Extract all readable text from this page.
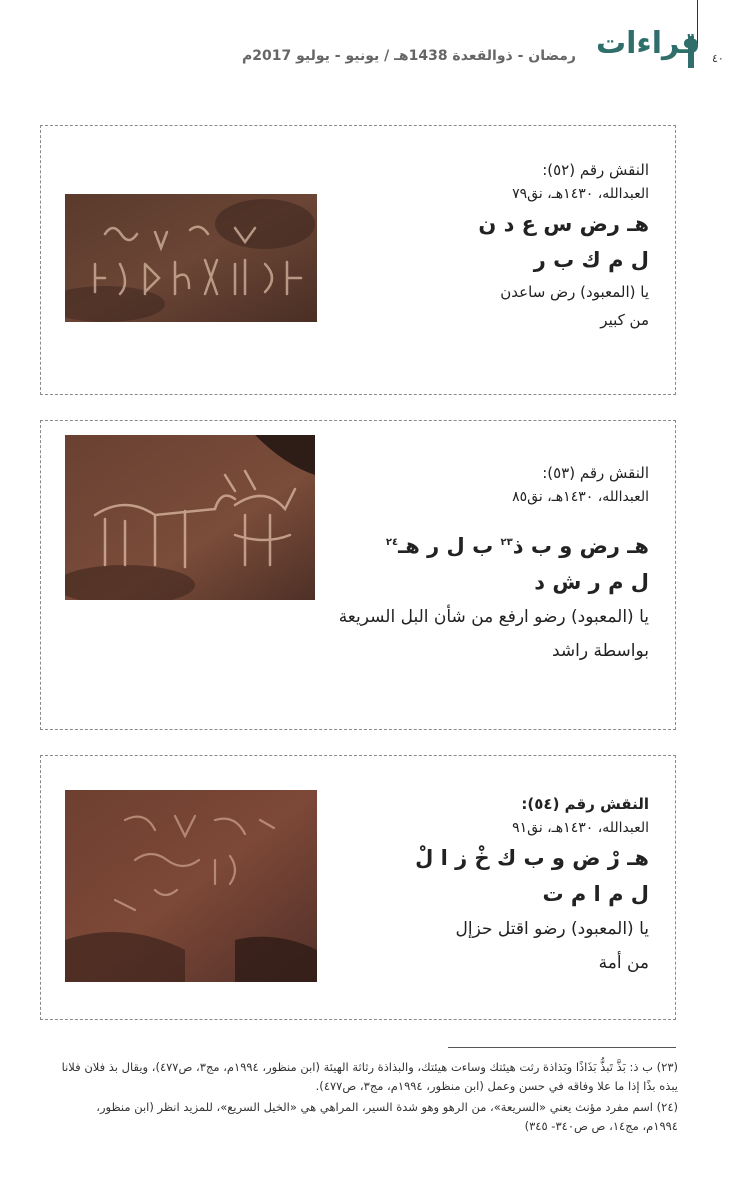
٤٠
قراءات
رمضان - ذوالقعدة 1438هـ / يونيو - يوليو 2017م
النقش رقم (٥٢):
العبدالله، ١٤٣٠هـ، نق٧٩
هـ رض س ع د ن
ل م ك ب ر
يا (المعبود) رض ساعدن
من كبير
النقش رقم (٥٣):
العبدالله، ١٤٣٠هـ، نق٨٥
هـ رض و ب ذ$^{٢٣}$ ب ل ر هـ$^{٢٤}$
ل م ر ش د
يا (المعبود) رضو ارفع من شأن البل السريعة
بواسطة راشد
النقش رقم (٥٤):
العبدالله، ١٤٣٠هـ، نق٩١
هـ رْ ض و ب ك خْ ز ا لْ
ل م ا م ت
يا (المعبود) رضو اقتل حزإل
من أمة

(٢٣) ب ذ: بَذَّ تَبذُّ بَذَاذًا وبَذاذة رثت هيئتك وساءت هيئتك، والبذاذة رثاثة الهيئة (ابن منظور، ١٩٩٤م، مج٣، ص٤٧٧)، ويقال بذ فلان فلانا يبذه بذًا إذا ما علا وفاقه في حسن وعمل (ابن منظور، ١٩٩٤م، مج٣، ص٤٧٧).

(٢٤) اسم مفرد مؤنث يعني «السريعة»، من الرهو وهو شدة السير، المراهي هي «الخيل السريع»، للمزيد انظر (ابن منظور، ١٩٩٤م، مج١٤، ص ص٣٤٠- ٣٤٥)
